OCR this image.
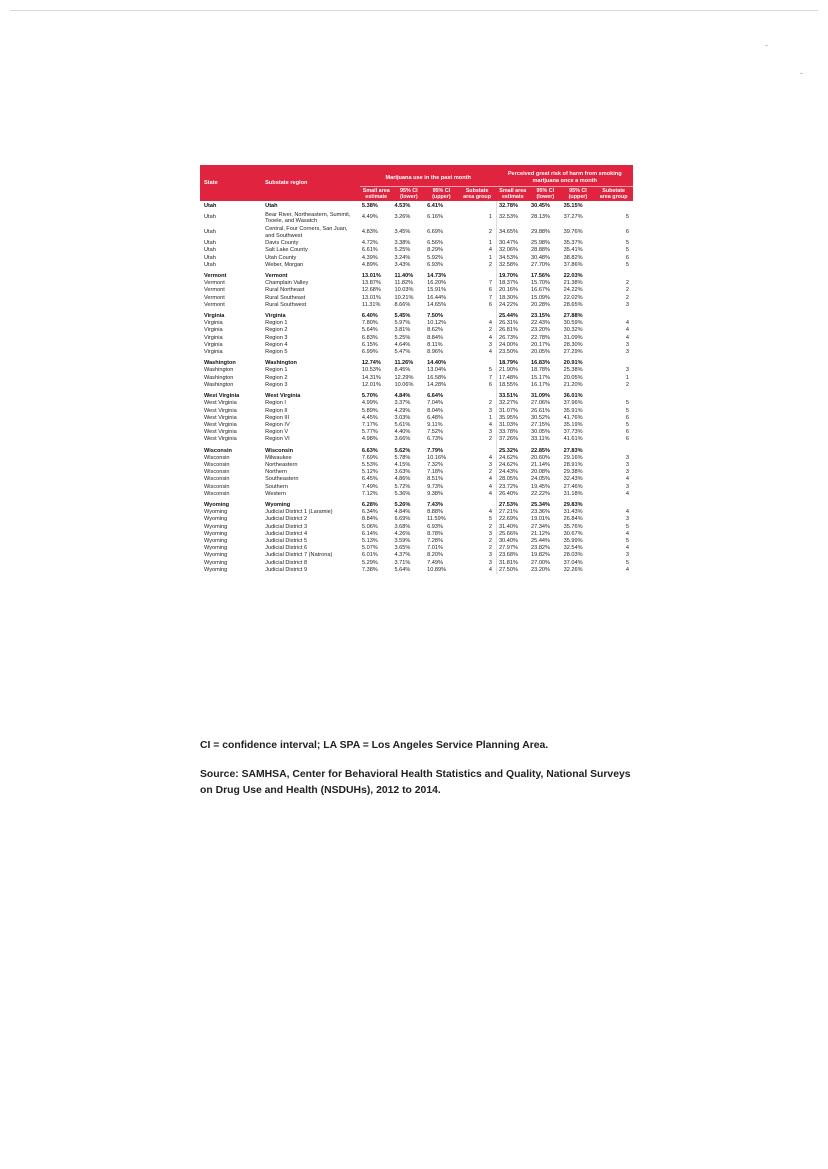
-
-
State	Substate region	Marijuana use in the past month				Perceived great risk of harm from smoking marijuana once a month			
		Small area estimate	95% CI (lower)	95% CI (upper)	Substate area group	Small area estimate	95% CI (lower)	95% CI (upper)	Substate area group
Utah	Utah	5.38%	4.53%	6.41%		32.78%	30.45%	35.15%	
Utah	Bear River, Northeastern, Summit, Tooele, and Wasatch	4.49%	3.26%	6.16%	1	32.53%	28.13%	37.27%	5
Utah	Central, Four Corners, San Juan, and Southwest	4.83%	3.45%	6.69%	2	34.65%	29.88%	39.76%	6
Utah	Davis County	4.72%	3.38%	6.56%	1	30.47%	25.98%	35.37%	5
Utah	Salt Lake County	6.61%	5.25%	8.29%	4	32.06%	28.88%	35.41%	5
Utah	Utah County	4.39%	3.24%	5.92%	1	34.53%	30.48%	38.82%	6
Utah	Weber, Morgan	4.89%	3.43%	6.93%	2	32.58%	27.70%	37.86%	5
Vermont	Vermont	13.01%	11.40%	14.73%		19.70%	17.56%	22.03%	
Vermont	Champlain Valley	13.87%	11.82%	16.20%	7	18.37%	15.70%	21.38%	2
Vermont	Rural Northeast	12.68%	10.03%	15.91%	6	20.16%	16.67%	24.22%	2
Vermont	Rural Southeast	13.01%	10.21%	16.44%	7	18.30%	15.09%	22.02%	2
Vermont	Rural Southwest	11.31%	8.66%	14.65%	6	24.22%	20.28%	28.65%	3
Virginia	Virginia	6.40%	5.45%	7.50%		25.44%	23.15%	27.88%	
Virginia	Region 1	7.80%	5.97%	10.12%	4	26.31%	22.43%	30.59%	4
Virginia	Region 2	5.64%	3.81%	8.62%	2	26.81%	23.20%	30.32%	4
Virginia	Region 3	6.83%	5.25%	8.84%	4	26.73%	22.78%	31.09%	4
Virginia	Region 4	6.15%	4.64%	8.11%	3	24.00%	20.17%	28.30%	3
Virginia	Region 5	6.99%	5.47%	8.96%	4	23.50%	20.05%	27.29%	3
Washington	Washington	12.74%	11.26%	14.40%		18.79%	16.83%	20.91%	
Washington	Region 1	10.53%	8.45%	13.04%	5	21.90%	18.78%	25.38%	3
Washington	Region 2	14.31%	12.29%	16.58%	7	17.48%	15.17%	20.05%	1
Washington	Region 3	12.01%	10.06%	14.28%	6	18.55%	16.17%	21.20%	2
West Virginia	West Virginia	5.70%	4.84%	6.64%		33.51%	31.09%	36.01%	
West Virginia	Region I	4.99%	3.37%	7.04%	2	32.27%	27.06%	37.96%	5
West Virginia	Region II	5.89%	4.29%	8.04%	3	31.07%	26.61%	35.91%	5
West Virginia	Region III	4.45%	3.03%	6.48%	1	35.95%	30.52%	41.76%	6
West Virginia	Region IV	7.17%	5.61%	9.11%	4	31.03%	27.15%	35.19%	5
West Virginia	Region V	5.77%	4.40%	7.52%	3	33.78%	30.05%	37.73%	6
West Virginia	Region VI	4.98%	3.66%	6.73%	2	37.26%	33.11%	41.61%	6
Wisconsin	Wisconsin	6.63%	5.62%	7.79%		25.32%	22.85%	27.83%	
Wisconsin	Milwaukee	7.69%	5.78%	10.16%	4	24.62%	20.60%	29.16%	3
Wisconsin	Northeastern	5.53%	4.15%	7.32%	3	24.62%	21.14%	28.91%	3
Wisconsin	Northern	5.12%	3.63%	7.18%	2	24.43%	20.08%	29.38%	3
Wisconsin	Southeastern	6.45%	4.86%	8.51%	4	28.05%	24.05%	32.43%	4
Wisconsin	Southern	7.49%	5.72%	9.73%	4	23.72%	19.45%	27.46%	3
Wisconsin	Western	7.12%	5.36%	9.38%	4	26.40%	22.22%	31.18%	4
Wyoming	Wyoming	6.28%	5.26%	7.43%		27.53%	25.34%	29.83%	
Wyoming	Judicial District 1 (Laramie)	6.34%	4.84%	8.88%	4	27.21%	23.36%	31.43%	4
Wyoming	Judicial District 2	8.84%	6.69%	11.59%	5	22.69%	19.01%	26.84%	3
Wyoming	Judicial District 3	5.06%	3.68%	6.93%	2	31.40%	27.34%	35.76%	5
Wyoming	Judicial District 4	6.14%	4.26%	8.78%	3	25.66%	21.12%	30.67%	4
Wyoming	Judicial District 5	5.13%	3.59%	7.28%	2	30.40%	25.44%	35.99%	5
Wyoming	Judicial District 6	5.07%	3.65%	7.01%	2	27.97%	23.82%	32.54%	4
Wyoming	Judicial District 7 (Natrona)	6.01%	4.37%	8.20%	3	23.68%	19.82%	28.03%	3
Wyoming	Judicial District 8	5.29%	3.71%	7.49%	3	31.81%	27.00%	37.04%	5
Wyoming	Judicial District 9	7.38%	5.64%	10.89%	4	27.50%	23.20%	32.26%	4
CI = confidence interval; LA SPA = Los Angeles Service Planning Area.
Source: SAMHSA, Center for Behavioral Health Statistics and Quality, National Surveys on Drug Use and Health (NSDUHs), 2012 to 2014.
